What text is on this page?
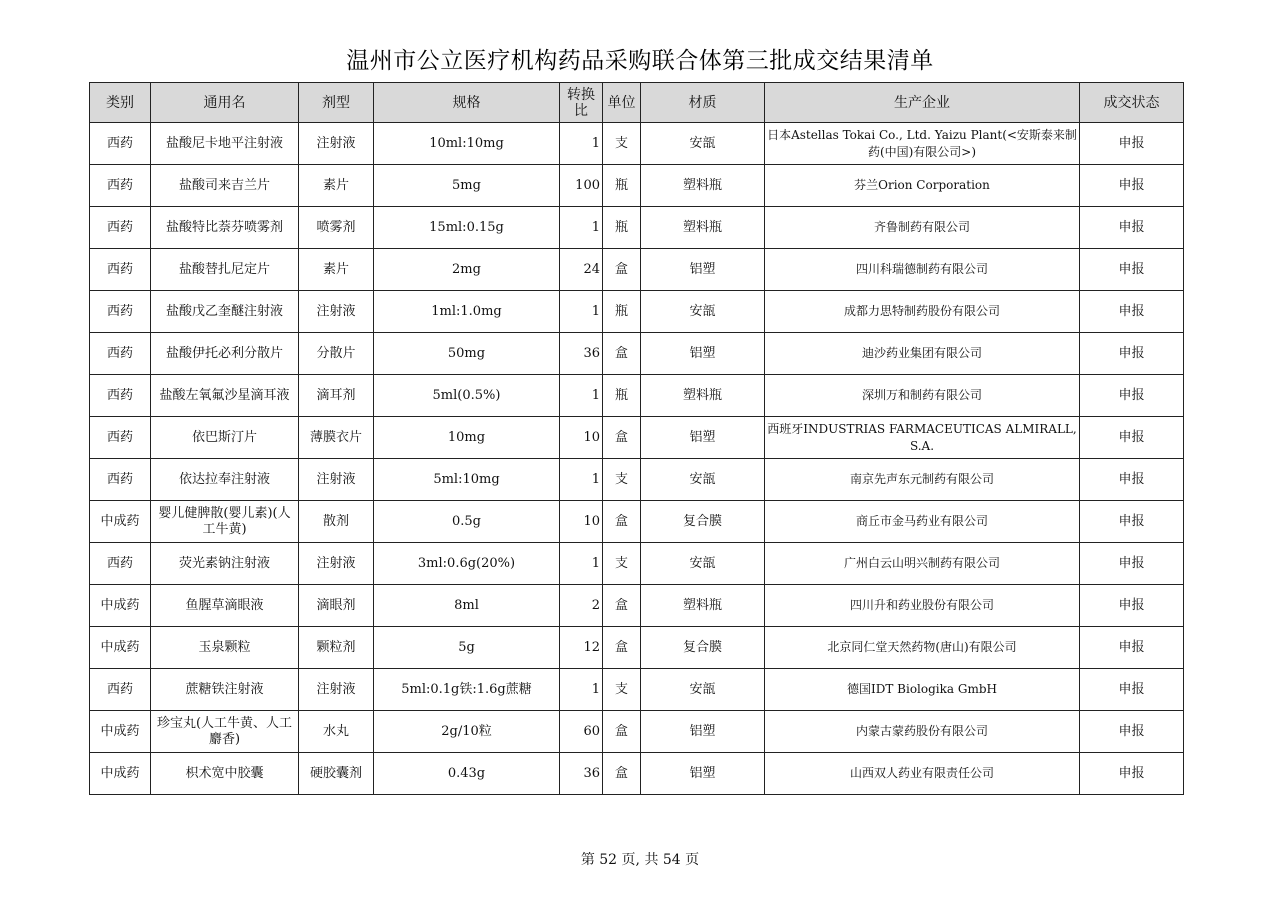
温州市公立医疗机构药品采购联合体第三批成交结果清单
类别	通用名	剂型	规格	转换比	单位	材质	生产企业	成交状态
西药	盐酸尼卡地平注射液	注射液	10ml:10mg	1	支	安瓿	日本Astellas Tokai Co., Ltd. Yaizu Plant(<安斯泰来制药(中国)有限公司>)	申报
西药	盐酸司来吉兰片	素片	5mg	100	瓶	塑料瓶	芬兰Orion Corporation	申报
西药	盐酸特比萘芬喷雾剂	喷雾剂	15ml:0.15g	1	瓶	塑料瓶	齐鲁制药有限公司	申报
西药	盐酸替扎尼定片	素片	2mg	24	盒	铝塑	四川科瑞德制药有限公司	申报
西药	盐酸戊乙奎醚注射液	注射液	1ml:1.0mg	1	瓶	安瓿	成都力思特制药股份有限公司	申报
西药	盐酸伊托必利分散片	分散片	50mg	36	盒	铝塑	迪沙药业集团有限公司	申报
西药	盐酸左氧氟沙星滴耳液	滴耳剂	5ml(0.5%)	1	瓶	塑料瓶	深圳万和制药有限公司	申报
西药	依巴斯汀片	薄膜衣片	10mg	10	盒	铝塑	西班牙INDUSTRIAS FARMACEUTICAS ALMIRALL, S.A.	申报
西药	依达拉奉注射液	注射液	5ml:10mg	1	支	安瓿	南京先声东元制药有限公司	申报
中成药	婴儿健脾散(婴儿素)(人工牛黄)	散剂	0.5g	10	盒	复合膜	商丘市金马药业有限公司	申报
西药	荧光素钠注射液	注射液	3ml:0.6g(20%)	1	支	安瓿	广州白云山明兴制药有限公司	申报
中成药	鱼腥草滴眼液	滴眼剂	8ml	2	盒	塑料瓶	四川升和药业股份有限公司	申报
中成药	玉泉颗粒	颗粒剂	5g	12	盒	复合膜	北京同仁堂天然药物(唐山)有限公司	申报
西药	蔗糖铁注射液	注射液	5ml:0.1g铁:1.6g蔗糖	1	支	安瓿	德国IDT Biologika GmbH	申报
中成药	珍宝丸(人工牛黄、人工麝香)	水丸	2g/10粒	60	盒	铝塑	内蒙古蒙药股份有限公司	申报
中成药	枳术宽中胶囊	硬胶囊剂	0.43g	36	盒	铝塑	山西双人药业有限责任公司	申报
第 52 页, 共 54 页
